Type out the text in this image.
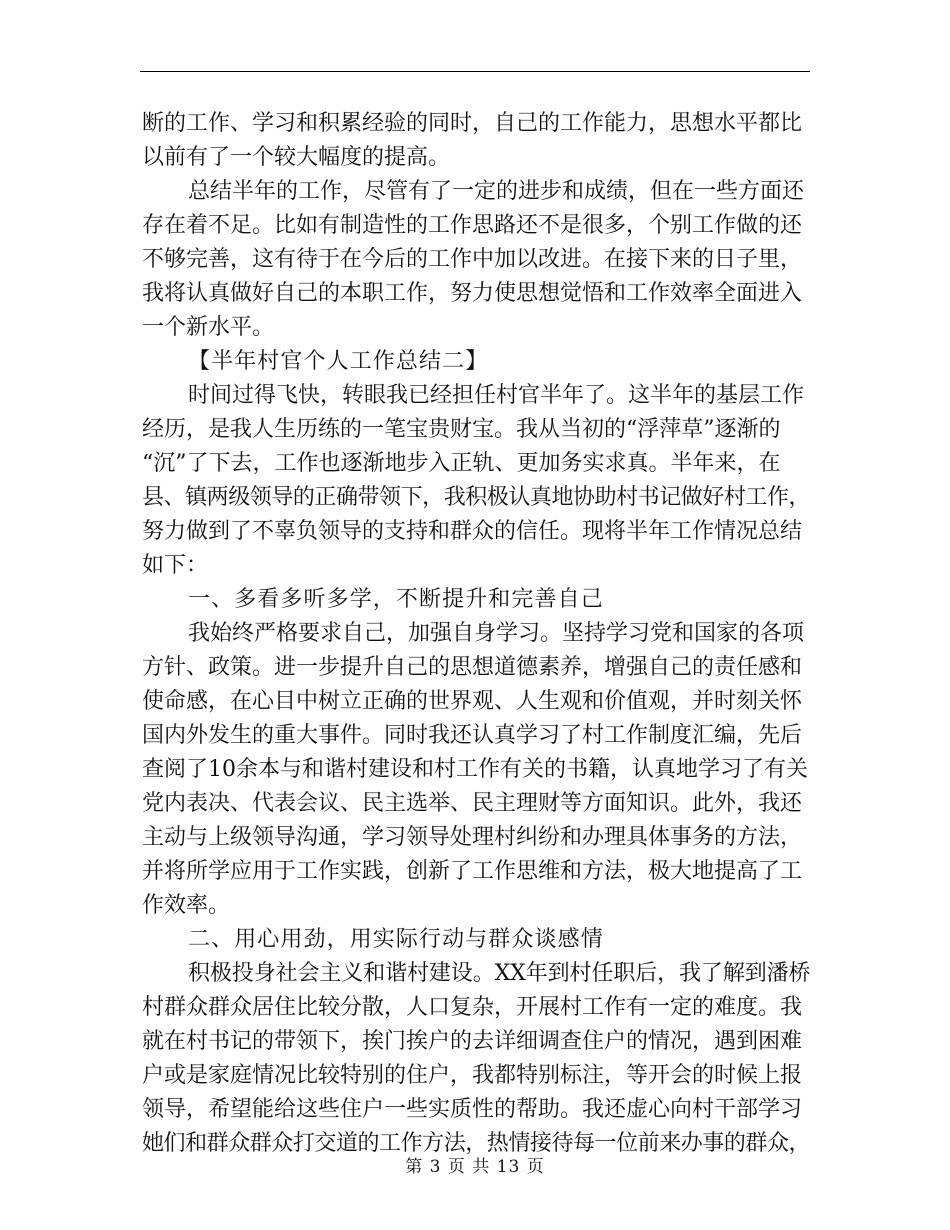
断的工作、学习和积累经验的同时，自己的工作能力，思想水平都比
以前有了一个较大幅度的提高。
总结半年的工作，尽管有了一定的进步和成绩，但在一些方面还
存在着不足。比如有制造性的工作思路还不是很多，个别工作做的还
不够完善，这有待于在今后的工作中加以改进。在接下来的日子里，
我将认真做好自己的本职工作，努力使思想觉悟和工作效率全面进入
一个新水平。
【半年村官个人工作总结二】
时间过得飞快，转眼我已经担任村官半年了。这半年的基层工作
经历，是我人生历练的一笔宝贵财宝。我从当初的“浮萍草”逐渐的
“沉”了下去，工作也逐渐地步入正轨、更加务实求真。半年来，在
县、镇两级领导的正确带领下，我积极认真地协助村书记做好村工作，
努力做到了不辜负领导的支持和群众的信任。现将半年工作情况总结
如下：
一、多看多听多学，不断提升和完善自己
我始终严格要求自己，加强自身学习。坚持学习党和国家的各项
方针、政策。进一步提升自己的思想道德素养，增强自己的责任感和
使命感，在心目中树立正确的世界观、人生观和价值观，并时刻关怀
国内外发生的重大事件。同时我还认真学习了村工作制度汇编，先后
查阅了10余本与和谐村建设和村工作有关的书籍，认真地学习了有关
党内表决、代表会议、民主选举、民主理财等方面知识。此外，我还
主动与上级领导沟通，学习领导处理村纠纷和办理具体事务的方法，
并将所学应用于工作实践，创新了工作思维和方法，极大地提高了工
作效率。
二、用心用劲，用实际行动与群众谈感情
积极投身社会主义和谐村建设。XX年到村任职后，我了解到潘桥
村群众群众居住比较分散，人口复杂，开展村工作有一定的难度。我
就在村书记的带领下，挨门挨户的去详细调查住户的情况，遇到困难
户或是家庭情况比较特别的住户，我都特别标注，等开会的时候上报
领导，希望能给这些住户一些实质性的帮助。我还虚心向村干部学习
她们和群众群众打交道的工作方法，热情接待每一位前来办事的群众，
第 3 页 共 13 页
